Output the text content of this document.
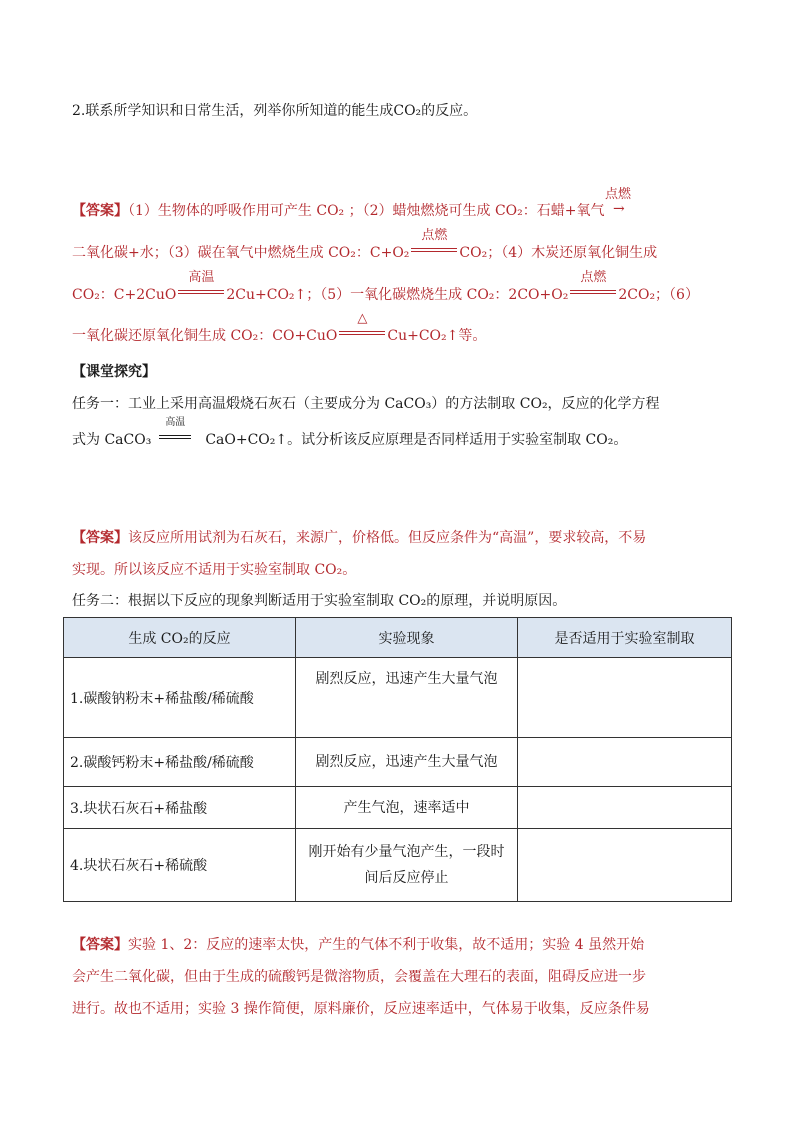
2.联系所学知识和日常生活，列举你所知道的能生成CO₂的反应。
【答案】（1）生物体的呼吸作用可产生 CO₂ ；（2）蜡烛燃烧可生成 CO₂：石蜡+氧气
点燃
→
二氧化碳+水；（3）碳在氧气中燃烧生成 CO₂：C+O₂
点燃
CO₂；（4）木炭还原氧化铜生成
CO₂：C+2CuO
高温
2Cu+CO₂↑；（5）一氧化碳燃烧生成 CO₂：2CO+O₂
点燃
2CO₂；（6）
一氧化碳还原氧化铜生成 CO₂：CO+CuO
△
Cu+CO₂↑等。
【课堂探究】
任务一：工业上采用高温煅烧石灰石（主要成分为 CaCO₃）的方法制取 CO₂，反应的化学方程
式为 CaCO₃
高温
CaO+CO₂↑。试分析该反应原理是否同样适用于实验室制取 CO₂。
【答案】该反应所用试剂为石灰石，来源广，价格低。但反应条件为“高温”，要求较高，不易
实现。所以该反应不适用于实验室制取 CO₂。
任务二：根据以下反应的现象判断适用于实验室制取 CO₂的原理，并说明原因。
生成 CO₂的反应	实验现象	是否适用于实验室制取
1.碳酸钠粉末+稀盐酸/稀硫酸	剧烈反应，迅速产生大量气泡	
2.碳酸钙粉末+稀盐酸/稀硫酸	剧烈反应，迅速产生大量气泡	
3.块状石灰石+稀盐酸	产生气泡，速率适中	
4.块状石灰石+稀硫酸	刚开始有少量气泡产生，一段时间后反应停止	
【答案】实验 1、2：反应的速率太快，产生的气体不利于收集，故不适用；实验 4 虽然开始
会产生二氧化碳，但由于生成的硫酸钙是微溶物质，会覆盖在大理石的表面，阻碍反应进一步
进行。故也不适用；实验 3 操作简便，原料廉价，反应速率适中，气体易于收集，反应条件易
